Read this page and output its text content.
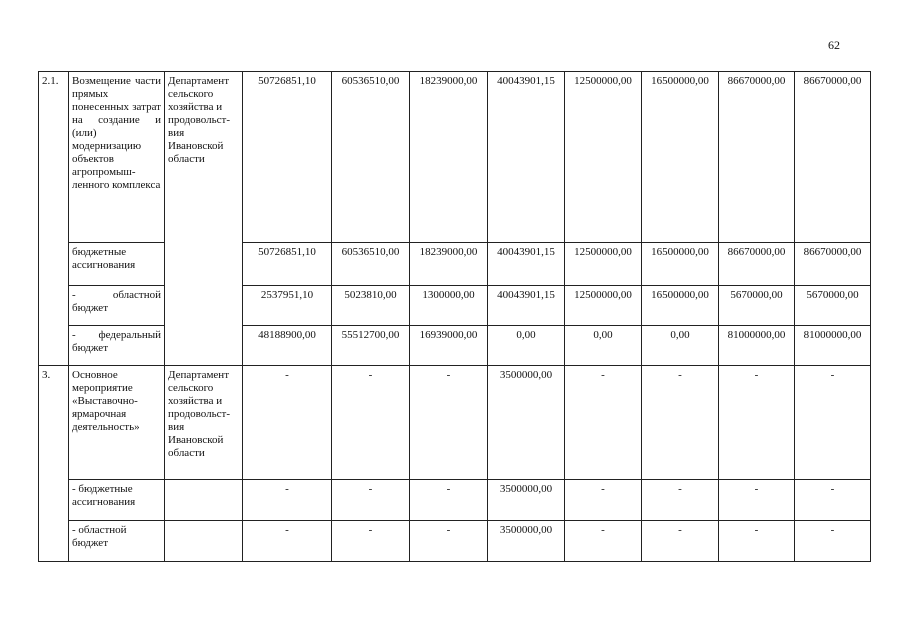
62
2.1.	Возмещение части прямых понесенных затрат на создание и (или) модернизацию объектов агропромыш-ленного комплекса	Департамент сельского хозяйства и продовольст-вия Ивановской области	50726851,10	60536510,00	18239000,00	40043901,15	12500000,00	16500000,00	86670000,00	86670000,00
	бюджетные ассигнования		50726851,10	60536510,00	18239000,00	40043901,15	12500000,00	16500000,00	86670000,00	86670000,00
	- областной бюджет		2537951,10	5023810,00	1300000,00	40043901,15	12500000,00	16500000,00	5670000,00	5670000,00
	- федеральный бюджет		48188900,00	55512700,00	16939000,00	0,00	0,00	0,00	81000000,00	81000000,00
3.	Основное мероприятие «Выставочно-ярмарочная деятельность»	Департамент сельского хозяйства и продовольст-вия Ивановской области	-	-	-	3500000,00	-	-	-	-
	- бюджетные ассигнования		-	-	-	3500000,00	-	-	-	-
	- областной бюджет		-	-	-	3500000,00	-	-	-	-
